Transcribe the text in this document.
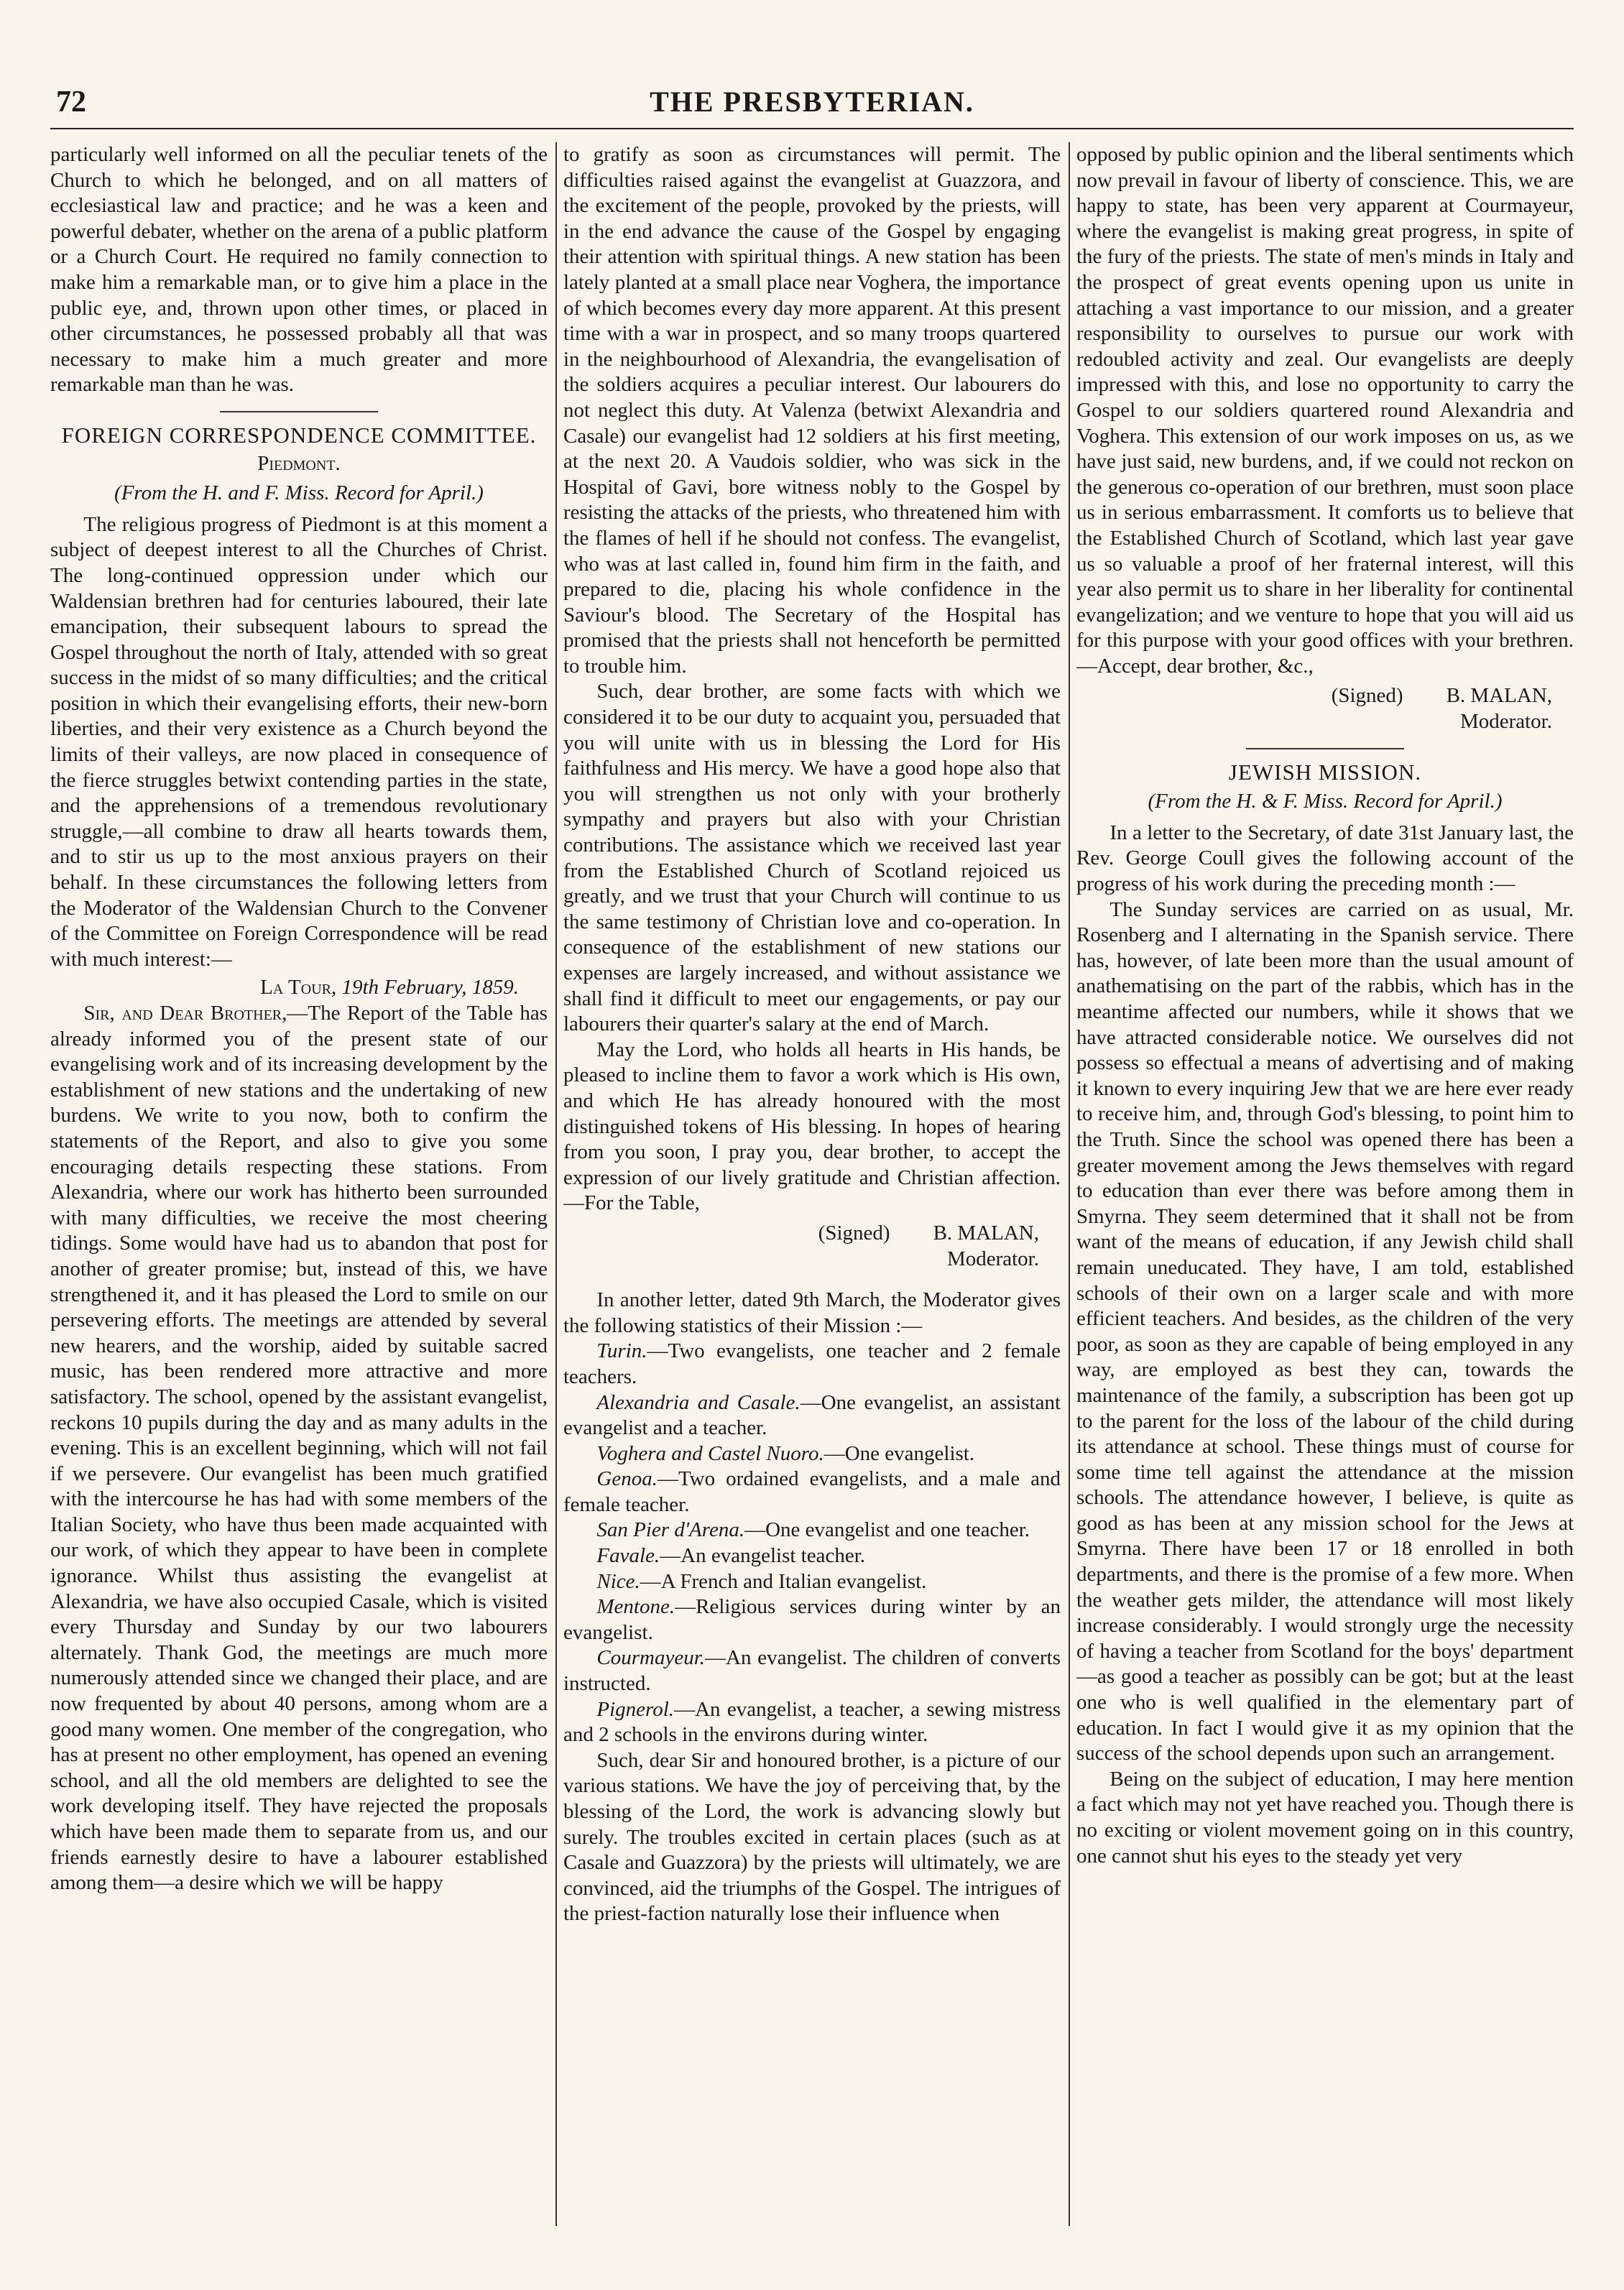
72	THE PRESBYTERIAN.

particularly well informed on all the peculiar tenets of the Church to which he belonged, and on all matters of ecclesiastical law and practice; and he was a keen and powerful debater, whether on the arena of a public platform or a Church Court. He required no family connection to make him a remarkable man, or to give him a place in the public eye, and, thrown upon other times, or placed in other circumstances, he possessed probably all that was necessary to make him a much greater and more remarkable man than he was.

FOREIGN CORRESPONDENCE COMMITTEE.
Piedmont.
(From the H. and F. Miss. Record for April.)

The religious progress of Piedmont is at this moment a subject of deepest interest to all the Churches of Christ. The long-continued oppression under which our Waldensian brethren had for centuries laboured, their late emancipation, their subsequent labours to spread the Gospel throughout the north of Italy, attended with so great success in the midst of so many difficulties; and the critical position in which their evangelising efforts, their new-born liberties, and their very existence as a Church beyond the limits of their valleys, are now placed in consequence of the fierce struggles betwixt contending parties in the state, and the apprehensions of a tremendous revolutionary struggle,—all combine to draw all hearts towards them, and to stir us up to the most anxious prayers on their behalf. In these circumstances the following letters from the Moderator of the Waldensian Church to the Convener of the Committee on Foreign Correspondence will be read with much interest:—

La Tour, 19th February, 1859.

Sir, and Dear Brother,—The Report of the Table has already informed you of the present state of our evangelising work and of its increasing development by the establishment of new stations and the undertaking of new burdens. We write to you now, both to confirm the statements of the Report, and also to give you some encouraging details respecting these stations. From Alexandria, where our work has hitherto been surrounded with many difficulties, we receive the most cheering tidings. Some would have had us to abandon that post for another of greater promise; but, instead of this, we have strengthened it, and it has pleased the Lord to smile on our persevering efforts. The meetings are attended by several new hearers, and the worship, aided by suitable sacred music, has been rendered more attractive and more satisfactory. The school, opened by the assistant evangelist, reckons 10 pupils during the day and as many adults in the evening. This is an excellent beginning, which will not fail if we persevere. Our evangelist has been much gratified with the intercourse he has had with some members of the Italian Society, who have thus been made acquainted with our work, of which they appear to have been in complete ignorance. Whilst thus assisting the evangelist at Alexandria, we have also occupied Casale, which is visited every Thursday and Sunday by our two labourers alternately. Thank God, the meetings are much more numerously attended since we changed their place, and are now frequented by about 40 persons, among whom are a good many women. One member of the congregation, who has at present no other employment, has opened an evening school, and all the old members are delighted to see the work developing itself. They have rejected the proposals which have been made them to separate from us, and our friends earnestly desire to have a labourer established among them—a desire which we will be happy

to gratify as soon as circumstances will permit. The difficulties raised against the evangelist at Guazzora, and the excitement of the people, provoked by the priests, will in the end advance the cause of the Gospel by engaging their attention with spiritual things. A new station has been lately planted at a small place near Voghera, the importance of which becomes every day more apparent. At this present time with a war in prospect, and so many troops quartered in the neighbourhood of Alexandria, the evangelisation of the soldiers acquires a peculiar interest. Our labourers do not neglect this duty. At Valenza (betwixt Alexandria and Casale) our evangelist had 12 soldiers at his first meeting, at the next 20. A Vaudois soldier, who was sick in the Hospital of Gavi, bore witness nobly to the Gospel by resisting the attacks of the priests, who threatened him with the flames of hell if he should not confess. The evangelist, who was at last called in, found him firm in the faith, and prepared to die, placing his whole confidence in the Saviour's blood. The Secretary of the Hospital has promised that the priests shall not henceforth be permitted to trouble him.

Such, dear brother, are some facts with which we considered it to be our duty to acquaint you, persuaded that you will unite with us in blessing the Lord for His faithfulness and His mercy. We have a good hope also that you will strengthen us not only with your brotherly sympathy and prayers but also with your Christian contributions. The assistance which we received last year from the Established Church of Scotland rejoiced us greatly, and we trust that your Church will continue to us the same testimony of Christian love and co-operation. In consequence of the establishment of new stations our expenses are largely increased, and without assistance we shall find it difficult to meet our engagements, or pay our labourers their quarter's salary at the end of March.

May the Lord, who holds all hearts in His hands, be pleased to incline them to favor a work which is His own, and which He has already honoured with the most distinguished tokens of His blessing. In hopes of hearing from you soon, I pray you, dear brother, to accept the expression of our lively gratitude and Christian affection.—For the Table,

(Signed) B. MALAN,
Moderator.

In another letter, dated 9th March, the Moderator gives the following statistics of their Mission :—

Turin.—Two evangelists, one teacher and 2 female teachers.

Alexandria and Casale.—One evangelist, an assistant evangelist and a teacher.

Voghera and Castel Nuoro.—One evangelist.

Genoa.—Two ordained evangelists, and a male and female teacher.

San Pier d'Arena.—One evangelist and one teacher.

Favale.—An evangelist teacher.

Nice.—A French and Italian evangelist.

Mentone.—Religious services during winter by an evangelist.

Courmayeur.—An evangelist. The children of converts instructed.

Pignerol.—An evangelist, a teacher, a sewing mistress and 2 schools in the environs during winter.

Such, dear Sir and honoured brother, is a picture of our various stations. We have the joy of perceiving that, by the blessing of the Lord, the work is advancing slowly but surely. The troubles excited in certain places (such as at Casale and Guazzora) by the priests will ultimately, we are convinced, aid the triumphs of the Gospel. The intrigues of the priest-faction naturally lose their influence when

opposed by public opinion and the liberal sentiments which now prevail in favour of liberty of conscience. This, we are happy to state, has been very apparent at Courmayeur, where the evangelist is making great progress, in spite of the fury of the priests. The state of men's minds in Italy and the prospect of great events opening upon us unite in attaching a vast importance to our mission, and a greater responsibility to ourselves to pursue our work with redoubled activity and zeal. Our evangelists are deeply impressed with this, and lose no opportunity to carry the Gospel to our soldiers quartered round Alexandria and Voghera. This extension of our work imposes on us, as we have just said, new burdens, and, if we could not reckon on the generous co-operation of our brethren, must soon place us in serious embarrassment. It comforts us to believe that the Established Church of Scotland, which last year gave us so valuable a proof of her fraternal interest, will this year also permit us to share in her liberality for continental evangelization; and we venture to hope that you will aid us for this purpose with your good offices with your brethren.—Accept, dear brother, &c.,

(Signed) B. MALAN,
Moderator.
JEWISH MISSION.
(From the H. & F. Miss. Record for April.)

In a letter to the Secretary, of date 31st January last, the Rev. George Coull gives the following account of the progress of his work during the preceding month :—

The Sunday services are carried on as usual, Mr. Rosenberg and I alternating in the Spanish service. There has, however, of late been more than the usual amount of anathematising on the part of the rabbis, which has in the meantime affected our numbers, while it shows that we have attracted considerable notice. We ourselves did not possess so effectual a means of advertising and of making it known to every inquiring Jew that we are here ever ready to receive him, and, through God's blessing, to point him to the Truth. Since the school was opened there has been a greater movement among the Jews themselves with regard to education than ever there was before among them in Smyrna. They seem determined that it shall not be from want of the means of education, if any Jewish child shall remain uneducated. They have, I am told, established schools of their own on a larger scale and with more efficient teachers. And besides, as the children of the very poor, as soon as they are capable of being employed in any way, are employed as best they can, towards the maintenance of the family, a subscription has been got up to the parent for the loss of the labour of the child during its attendance at school. These things must of course for some time tell against the attendance at the mission schools. The attendance however, I believe, is quite as good as has been at any mission school for the Jews at Smyrna. There have been 17 or 18 enrolled in both departments, and there is the promise of a few more. When the weather gets milder, the attendance will most likely increase considerably. I would strongly urge the necessity of having a teacher from Scotland for the boys' department—as good a teacher as possibly can be got; but at the least one who is well qualified in the elementary part of education. In fact I would give it as my opinion that the success of the school depends upon such an arrangement.

Being on the subject of education, I may here mention a fact which may not yet have reached you. Though there is no exciting or violent movement going on in this country, one cannot shut his eyes to the steady yet very
